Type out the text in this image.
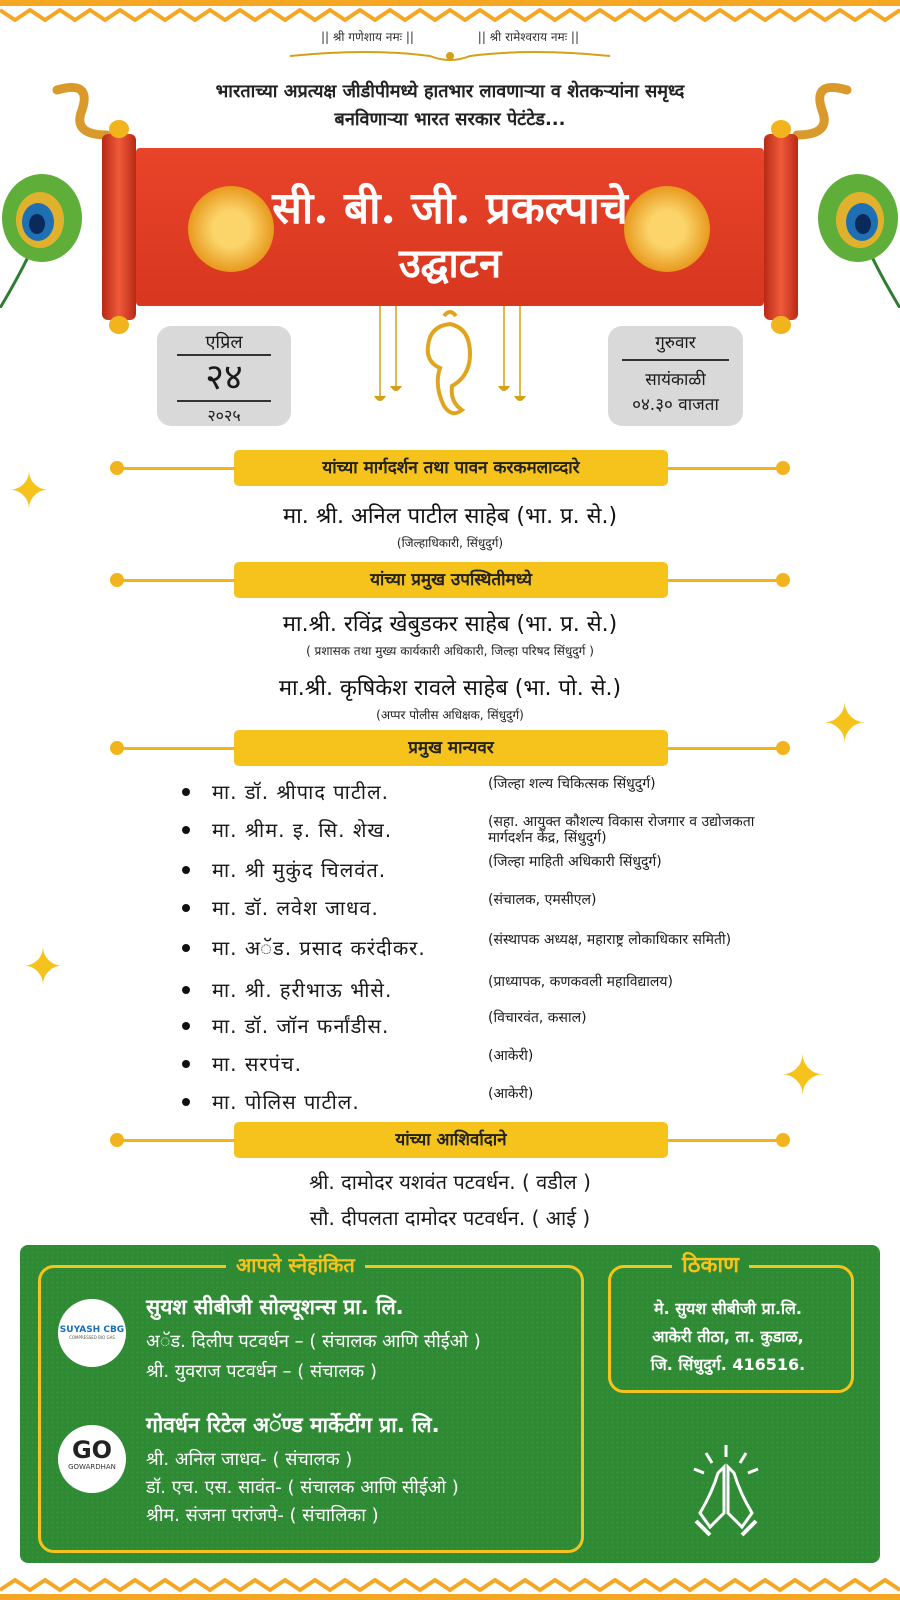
|| श्री गणेशाय नमः ||	|| श्री रामेश्वराय नमः ||
भारताच्या अप्रत्यक्ष जीडीपीमध्ये हातभार लावणाऱ्या व शेतकऱ्यांना समृध्द
बनविणाऱ्या भारत सरकार पेटंटेड...
सी. बी. जी. प्रकल्पाचे
उद्घाटन
एप्रिल
२४
२०२५
गुरुवार
सायंकाळी
०४.३० वाजता
यांच्या मार्गदर्शन तथा पावन करकमलाव्दारे
मा. श्री. अनिल पाटील साहेब (भा. प्र. से.)
(जिल्हाधिकारी, सिंधुदुर्ग)
यांच्या प्रमुख उपस्थितीमध्ये
मा.श्री. रविंद्र खेबुडकर साहेब (भा. प्र. से.)
( प्रशासक तथा मुख्य कार्यकारी अधिकारी, जिल्हा परिषद सिंधुदुर्ग )
मा.श्री. कृषिकेश रावले साहेब (भा. पो. से.)
(अप्पर पोलीस अधिक्षक, सिंधुदुर्ग)
प्रमुख मान्यवर
मा. डॉ. श्रीपाद पाटील.	(जिल्हा शल्य चिकित्सक सिंधुदुर्ग)
मा. श्रीम. इ. सि. शेख.	(सहा. आयुक्त कौशल्य विकास रोजगार व उद्योजकता मार्गदर्शन केंद्र, सिंधुदुर्ग)
मा. श्री मुकुंद चिलवंत.	(जिल्हा माहिती अधिकारी सिंधुदुर्ग)
मा. डॉ. लवेश जाधव.	(संचालक, एमसीएल)
मा. अॅड. प्रसाद करंदीकर.	(संस्थापक अध्यक्ष, महाराष्ट्र लोकाधिकार समिती)
मा. श्री. हरीभाऊ भीसे.	(प्राध्यापक, कणकवली महाविद्यालय)
मा. डॉ. जॉन फर्नांडीस.	(विचारवंत, कसाल)
मा. सरपंच.	(आकेरी)
मा. पोलिस पाटील.	(आकेरी)
यांच्या आशिर्वादाने
श्री. दामोदर यशवंत पटवर्धन. ( वडील )
सौ. दीपलता दामोदर पटवर्धन. ( आई )
✦
✦
✦
✦
आपले स्नेहांकित
SUYASH CBG
COMPRESSED BIO GAS
सुयश सीबीजी सोल्यूशन्स प्रा. लि.
अॅड. दिलीप पटवर्धन – ( संचालक आणि सीईओ )
श्री. युवराज पटवर्धन – ( संचालक )
GO
GOWARDHAN
गोवर्धन रिटेल अॅण्ड मार्केटींग प्रा. लि.
श्री. अनिल जाधव- ( संचालक )
डॉ. एच. एस. सावंत- ( संचालक आणि सीईओ )
श्रीम. संजना परांजपे- ( संचालिका )
ठिकाण
मे. सुयश सीबीजी प्रा.लि.
आकेरी तीठा, ता. कुडाळ,
जि. सिंधुदुर्ग. 416516.
